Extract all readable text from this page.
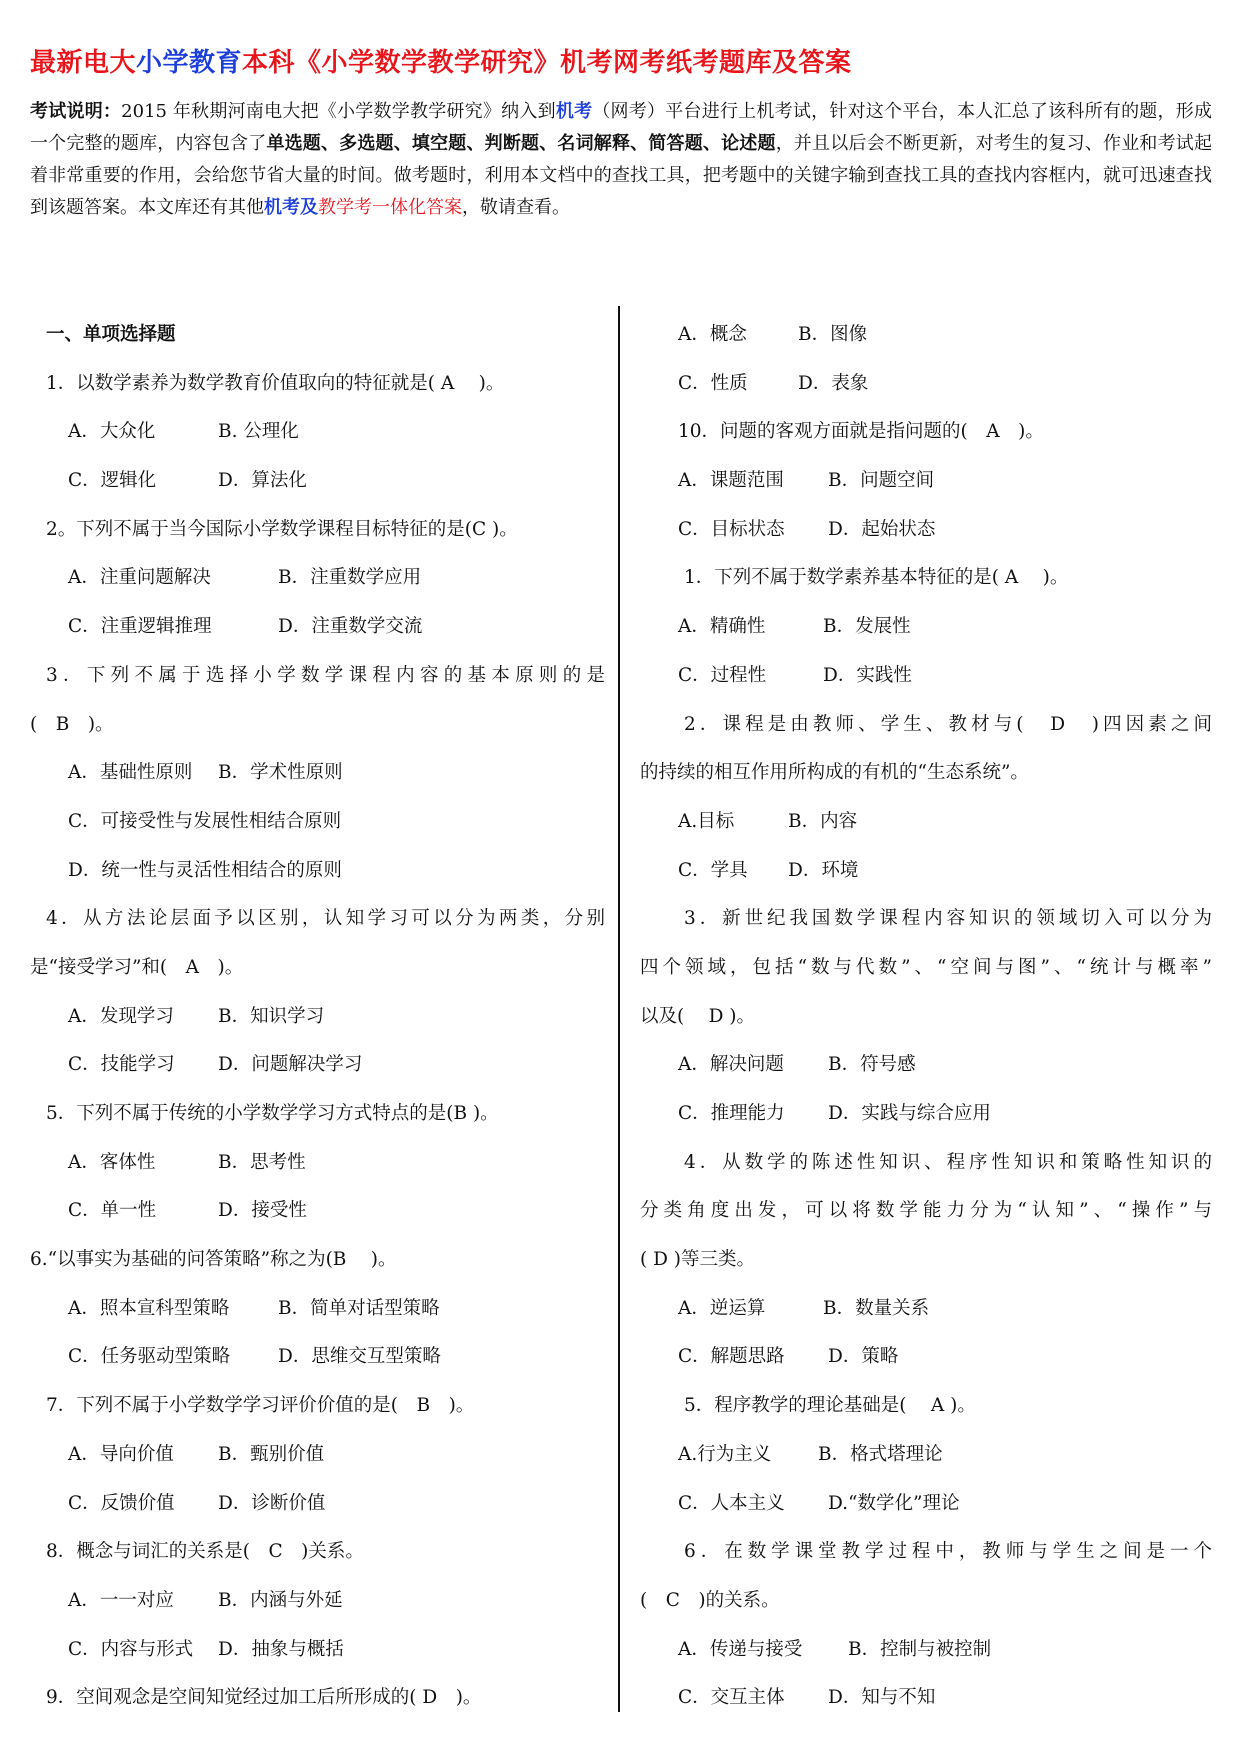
最新电大小学教育本科《小学数学教学研究》机考网考纸考题库及答案
考试说明：2015 年秋期河南电大把《小学数学教学研究》纳入到机考（网考）平台进行上机考试，针对这个平台，本人汇总了该科所有的题，形成一个完整的题库，内容包含了单选题、多选题、填空题、判断题、名词解释、简答题、论述题，并且以后会不断更新，对考生的复习、作业和考试起着非常重要的作用，会给您节省大量的时间。做考题时，利用本文档中的查找工具，把考题中的关键字输到查找工具的查找内容框内，就可迅速查找到该题答案。本文库还有其他机考及教学考一体化答案，敬请查看。
一、单项选择题
1．以数学素养为数学教育价值取向的特征就是( A　 )。
A．大众化	B. 公理化
C．逻辑化	D．算法化
2。下列不属于当今国际小学数学课程目标特征的是(C )。
A．注重问题解决	B．注重数学应用
C．注重逻辑推理	D．注重数学交流
3．下列不属于选择小学数学课程内容的基本原则的是
(　B　)。
A．基础性原则 B．学术性原则
C．可接受性与发展性相结合原则
D．统一性与灵活性相结合的原则
4．从方法论层面予以区别，认知学习可以分为两类，分别
是“接受学习”和(　A　)。
A．发现学习 B．知识学习
C．技能学习 D．问题解决学习
5．下列不属于传统的小学数学学习方式特点的是(B )。
A．客体性	B．思考性
C．单一性	D．接受性
6.“以事实为基础的问答策略”称之为(B　 )。
A．照本宣科型策略	B．简单对话型策略
C．任务驱动型策略	D．思维交互型策略
7．下列不属于小学数学学习评价价值的是(　B　)。
A．导向价值 B．甄别价值
C．反馈价值 D．诊断价值
8．概念与词汇的关系是(　C　)关系。
A．一一对应 B．内涵与外延
C．内容与形式 D．抽象与概括
9．空间观念是空间知觉经过加工后所形成的( D　)。
A．概念	B．图像
C．性质	D．表象
10．问题的客观方面就是指问题的(　A　)。
A．课题范围 B．问题空间
C．目标状态 D．起始状态
1．下列不属于数学素养基本特征的是( A　 )。
A．精确性	B．发展性
C．过程性	D．实践性
2．课程是由教师、学生、教材与(　D　)四因素之间
的持续的相互作用所构成的有机的“生态系统”。
A.目标	B．内容
C．学具 D．环境
3．新世纪我国数学课程内容知识的领域切入可以分为
四个领域，包括“数与代数”、“空间与图”、“统计与概率”
以及(　 D )。
A．解决问题 B．符号感
C．推理能力 D．实践与综合应用
4．从数学的陈述性知识、程序性知识和策略性知识的
分类角度出发，可以将数学能力分为“认知”、“操作”与
( D )等三类。
A．逆运算	B．数量关系
C．解题思路 D．策略
5．程序教学的理论基础是(　 A )。
A.行为主义	B．格式塔理论
C．人本主义 D.“数学化”理论
6．在数学课堂教学过程中，教师与学生之间是一个
(　C　)的关系。
A．传递与接受 B．控制与被控制
C．交互主体 D．知与不知
